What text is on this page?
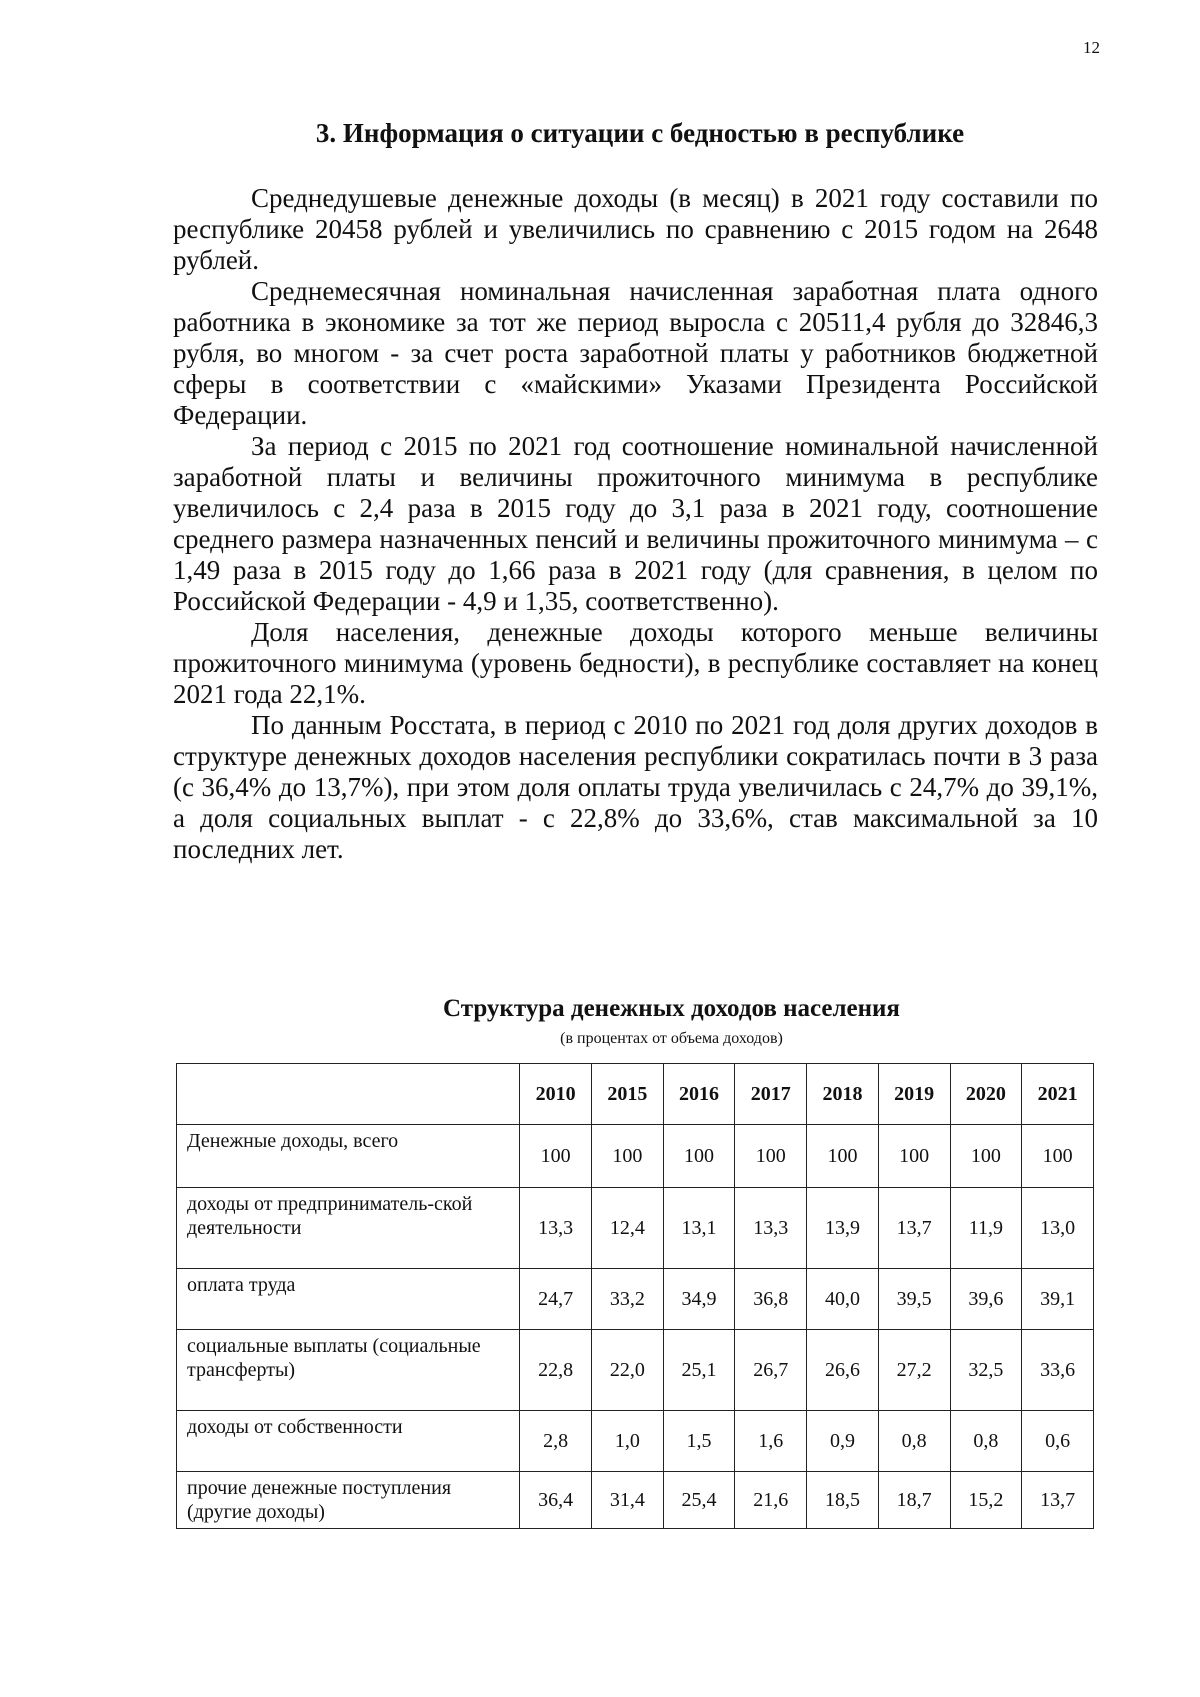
12
3. Информация о ситуации с бедностью в республике

Среднедушевые денежные доходы (в месяц) в 2021 году составили по республике 20458 рублей и увеличились по сравнению с 2015 годом на 2648 рублей.

Среднемесячная номинальная начисленная заработная плата одного работника в экономике за тот же период выросла с 20511,4 рубля до 32846,3 рубля, во многом - за счет роста заработной платы у работников бюджетной сферы в соответствии с «майскими» Указами Президента Российской Федерации.

За период с 2015 по 2021 год соотношение номинальной начисленной заработной платы и величины прожиточного минимума в республике увеличилось с 2,4 раза в 2015 году до 3,1 раза в 2021 году, соотношение среднего размера назначенных пенсий и величины прожиточного минимума – с 1,49 раза в 2015 году до 1,66 раза в 2021 году (для сравнения, в целом по Российской Федерации - 4,9 и 1,35, соответственно).

Доля населения, денежные доходы которого меньше величины прожиточного минимума (уровень бедности), в республике составляет на конец 2021 года 22,1%.

По данным Росстата, в период с 2010 по 2021 год доля других доходов в структуре денежных доходов населения республики сократилась почти в 3 раза (с 36,4% до 13,7%), при этом доля оплаты труда увеличилась с 24,7% до 39,1%, а доля социальных выплат - с 22,8% до 33,6%, став максимальной за 10 последних лет.

Структура денежных доходов населения
(в процентах от объема доходов)
	2010	2015	2016	2017	2018	2019	2020	2021
Денежные доходы, всего	100	100	100	100	100	100	100	100
доходы от предприниматель-ской деятельности	13,3	12,4	13,1	13,3	13,9	13,7	11,9	13,0
оплата труда	24,7	33,2	34,9	36,8	40,0	39,5	39,6	39,1
социальные выплаты (социальные трансферты)	22,8	22,0	25,1	26,7	26,6	27,2	32,5	33,6
доходы от собственности	2,8	1,0	1,5	1,6	0,9	0,8	0,8	0,6
прочие денежные поступления (другие доходы)	36,4	31,4	25,4	21,6	18,5	18,7	15,2	13,7
